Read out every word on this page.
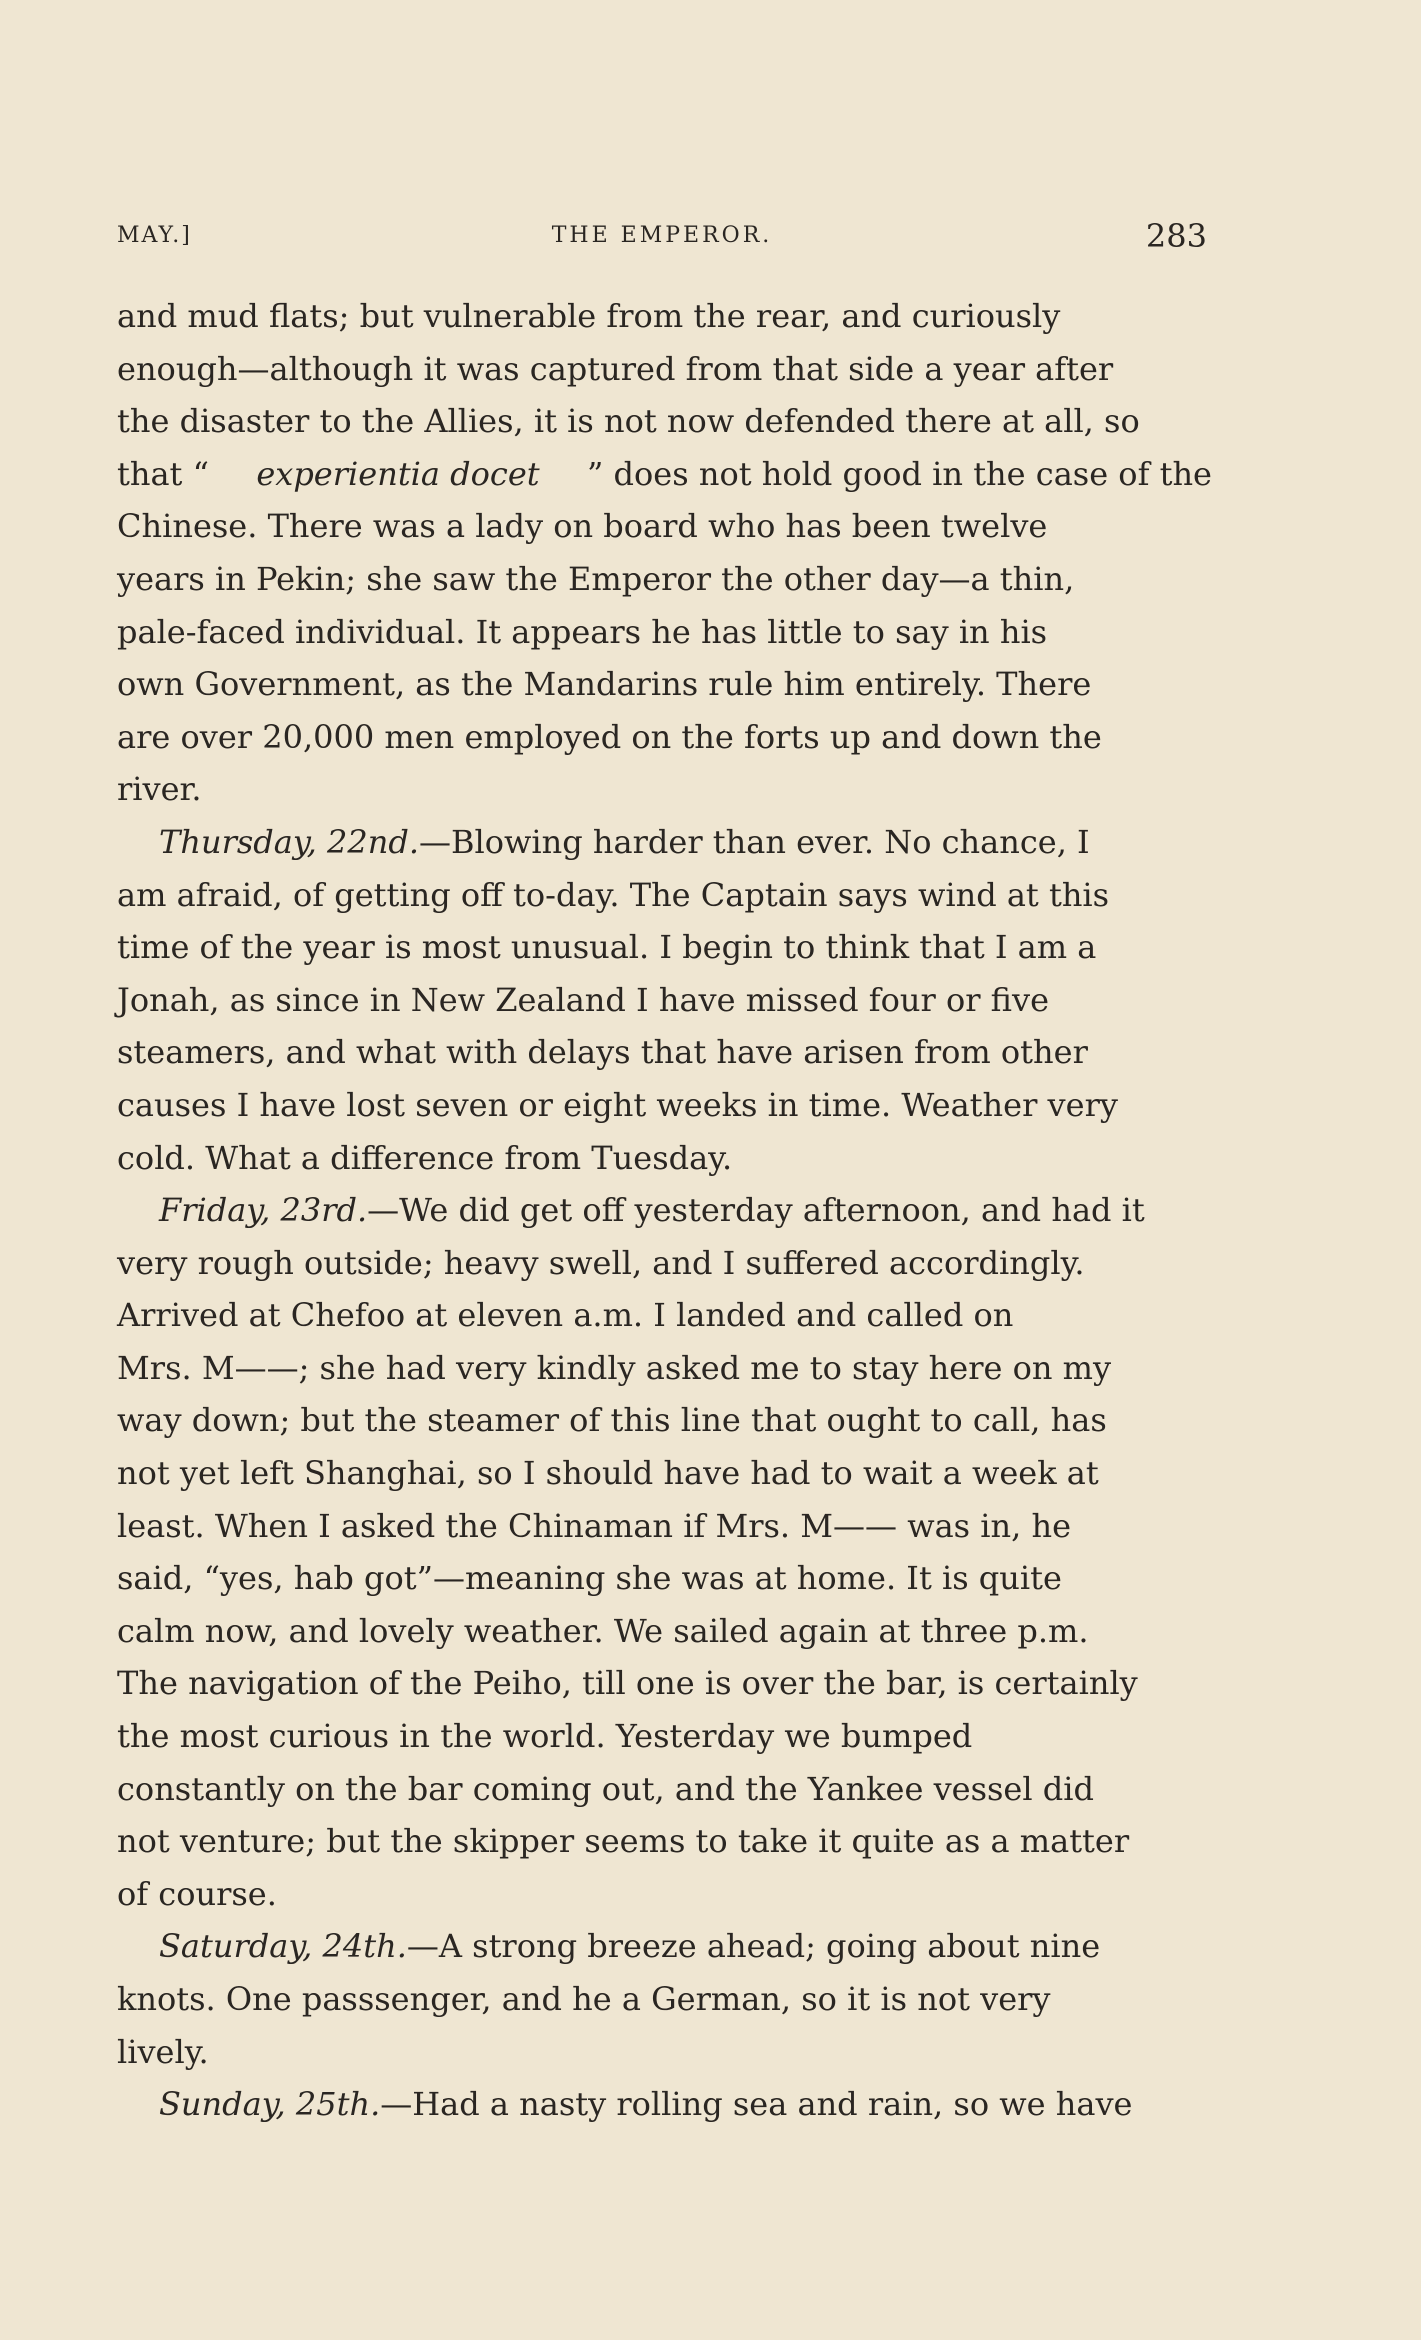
MAY.]	THE EMPEROR.	283
and mud flats; but vulnerable from the rear, and curiously
enough—although it was captured from that side a year after
the disaster to the Allies, it is not now defended there at all, so
that “ experientia docet ” does not hold good in the case of the
Chinese. There was a lady on board who has been twelve
years in Pekin; she saw the Emperor the other day—a thin,
pale-faced individual. It appears he has little to say in his
own Government, as the Mandarins rule him entirely. There
are over 20,000 men employed on the forts up and down the
river.
Thursday, 22nd.—Blowing harder than ever. No chance, I
am afraid, of getting off to-day. The Captain says wind at this
time of the year is most unusual. I begin to think that I am a
Jonah, as since in New Zealand I have missed four or five
steamers, and what with delays that have arisen from other
causes I have lost seven or eight weeks in time. Weather very
cold. What a difference from Tuesday.
Friday, 23rd.—We did get off yesterday afternoon, and had it
very rough outside; heavy swell, and I suffered accordingly.
Arrived at Chefoo at eleven a.m. I landed and called on
Mrs. M——; she had very kindly asked me to stay here on my
way down; but the steamer of this line that ought to call, has
not yet left Shanghai, so I should have had to wait a week at
least. When I asked the Chinaman if Mrs. M—— was in, he
said, “yes, hab got”—meaning she was at home. It is quite
calm now, and lovely weather. We sailed again at three p.m.
The navigation of the Peiho, till one is over the bar, is certainly
the most curious in the world. Yesterday we bumped
constantly on the bar coming out, and the Yankee vessel did
not venture; but the skipper seems to take it quite as a matter
of course.
Saturday, 24th.—A strong breeze ahead; going about nine
knots. One passsenger, and he a German, so it is not very
lively.
Sunday, 25th.—Had a nasty rolling sea and rain, so we have
